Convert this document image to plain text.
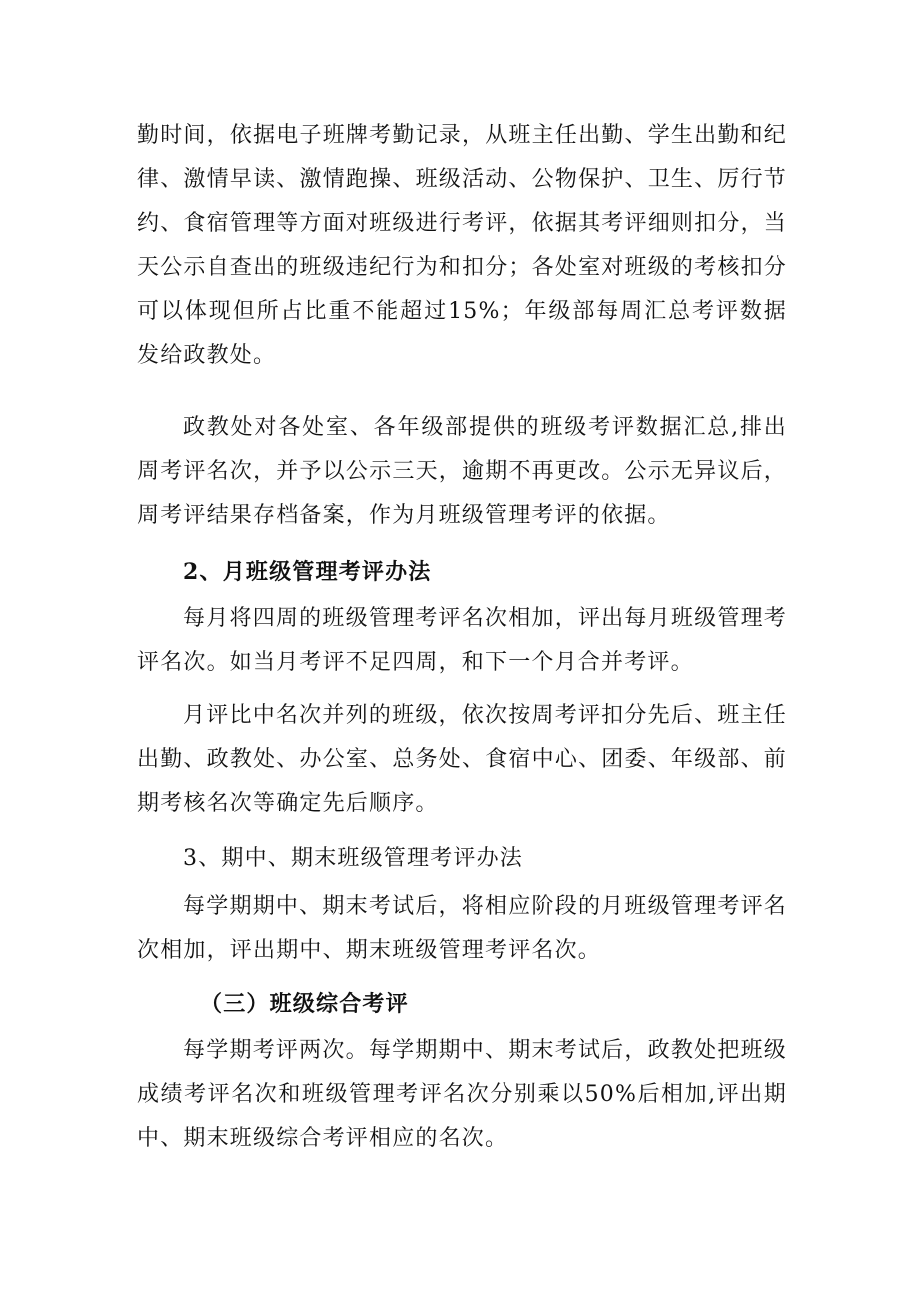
勤时间，依据电子班牌考勤记录，从班主任出勤、学生出勤和纪律、激情早读、激情跑操、班级活动、公物保护、卫生、厉行节约、食宿管理等方面对班级进行考评，依据其考评细则扣分，当天公示自查出的班级违纪行为和扣分；各处室对班级的考核扣分可以体现但所占比重不能超过15%；年级部每周汇总考评数据发给政教处。

政教处对各处室、各年级部提供的班级考评数据汇总,排出周考评名次，并予以公示三天，逾期不再更改。公示无异议后，周考评结果存档备案，作为月班级管理考评的依据。

2、月班级管理考评办法

每月将四周的班级管理考评名次相加，评出每月班级管理考评名次。如当月考评不足四周，和下一个月合并考评。

月评比中名次并列的班级，依次按周考评扣分先后、班主任出勤、政教处、办公室、总务处、食宿中心、团委、年级部、前期考核名次等确定先后顺序。

3、期中、期末班级管理考评办法

每学期期中、期末考试后，将相应阶段的月班级管理考评名次相加，评出期中、期末班级管理考评名次。

（三）班级综合考评

每学期考评两次。每学期期中、期末考试后，政教处把班级成绩考评名次和班级管理考评名次分别乘以50%后相加,评出期中、期末班级综合考评相应的名次。
